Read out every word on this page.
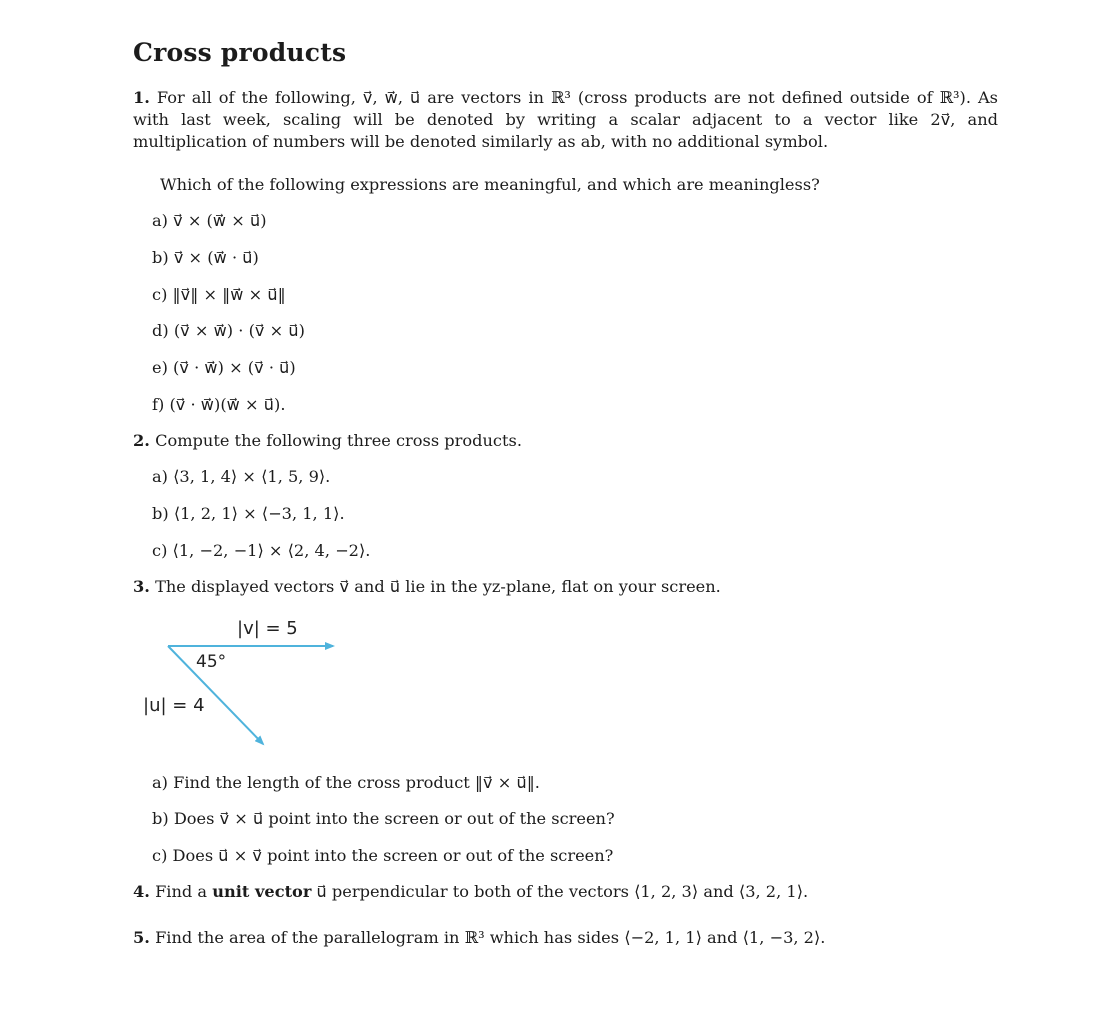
Cross products
1. For all of the following, v⃗, w⃗, u⃗ are vectors in ℝ³ (cross products are not defined outside of ℝ³). As with last week, scaling will be denoted by writing a scalar adjacent to a vector like 2v⃗, and multiplication of numbers will be denoted similarly as ab, with no additional symbol.
Which of the following expressions are meaningful, and which are meaningless?
a) v⃗ × (w⃗ × u⃗)
b) v⃗ × (w⃗ · u⃗)
c) ‖v⃗‖ × ‖w⃗ × u⃗‖
d) (v⃗ × w⃗) · (v⃗ × u⃗)
e) (v⃗ · w⃗) × (v⃗ · u⃗)
f) (v⃗ · w⃗)(w⃗ × u⃗).
2. Compute the following three cross products.
a) ⟨3, 1, 4⟩ × ⟨1, 5, 9⟩.
b) ⟨1, 2, 1⟩ × ⟨−3, 1, 1⟩.
c) ⟨1, −2, −1⟩ × ⟨2, 4, −2⟩.
3. The displayed vectors v⃗ and u⃗ lie in the yz-plane, flat on your screen.
|v| = 5
45°
|u| = 4
a) Find the length of the cross product ‖v⃗ × u⃗‖.
b) Does v⃗ × u⃗ point into the screen or out of the screen?
c) Does u⃗ × v⃗ point into the screen or out of the screen?
4. Find a unit vector u⃗ perpendicular to both of the vectors ⟨1, 2, 3⟩ and ⟨3, 2, 1⟩.
5. Find the area of the parallelogram in ℝ³ which has sides ⟨−2, 1, 1⟩ and ⟨1, −3, 2⟩.
